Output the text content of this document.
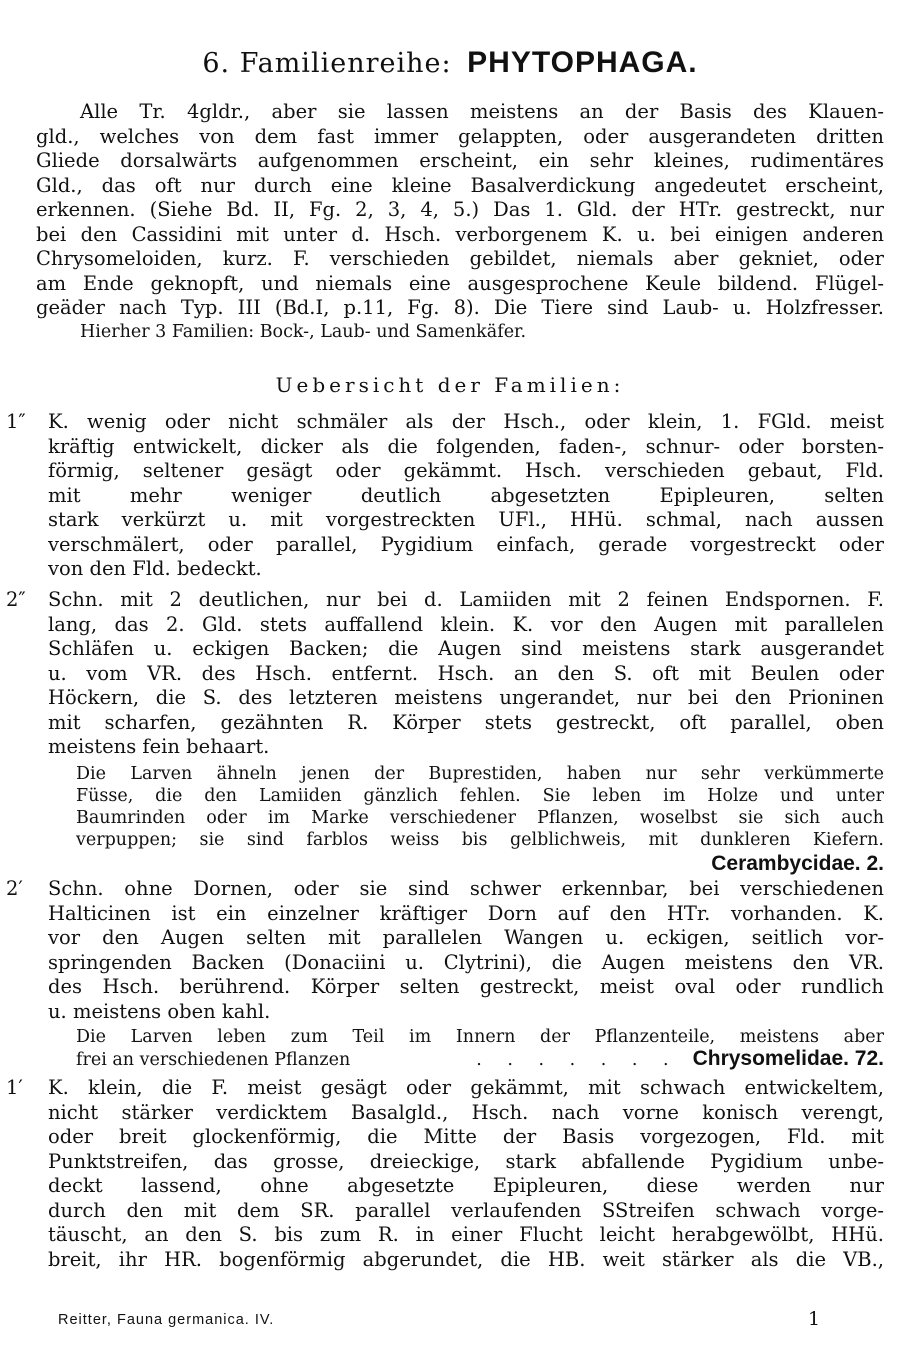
6. Familienreihe: PHYTOPHAGA.
Alle Tr. 4gldr., aber sie lassen meistens an der Basis des Klauen-
gld., welches von dem fast immer gelappten, oder ausgerandeten dritten
Gliede dorsalwärts aufgenommen erscheint, ein sehr kleines, rudimentäres
Gld., das oft nur durch eine kleine Basalverdickung angedeutet erscheint,
erkennen. (Siehe Bd. II, Fg. 2, 3, 4, 5.) Das 1. Gld. der HTr. gestreckt, nur
bei den Cassidini mit unter d. Hsch. verborgenem K. u. bei einigen anderen
Chrysomeloiden, kurz. F. verschieden gebildet, niemals aber gekniet, oder
am Ende geknopft, und niemals eine ausgesprochene Keule bildend. Flügel-
geäder nach Typ. III (Bd.I, p.11, Fg. 8). Die Tiere sind Laub- u. Holzfresser.
Hierher 3 Familien: Bock-, Laub- und Samenkäfer.
Uebersicht der Familien:
1″ K. wenig oder nicht schmäler als der Hsch., oder klein, 1. FGld. meist
kräftig entwickelt, dicker als die folgenden, faden-, schnur- oder borsten-
förmig, seltener gesägt oder gekämmt. Hsch. verschieden gebaut, Fld.
mit mehr weniger deutlich abgesetzten Epipleuren, selten
stark verkürzt u. mit vorgestreckten UFl., HHü. schmal, nach aussen
verschmälert, oder parallel, Pygidium einfach, gerade vorgestreckt oder
von den Fld. bedeckt.
2″ Schn. mit 2 deutlichen, nur bei d. Lamiiden mit 2 feinen Endspornen. F.
lang, das 2. Gld. stets auffallend klein. K. vor den Augen mit parallelen
Schläfen u. eckigen Backen; die Augen sind meistens stark ausgerandet
u. vom VR. des Hsch. entfernt. Hsch. an den S. oft mit Beulen oder
Höckern, die S. des letzteren meistens ungerandet, nur bei den Prioninen
mit scharfen, gezähnten R. Körper stets gestreckt, oft parallel, oben
meistens fein behaart.
Die Larven ähneln jenen der Buprestiden, haben nur sehr verkümmerte
Füsse, die den Lamiiden gänzlich fehlen. Sie leben im Holze und unter
Baumrinden oder im Marke verschiedener Pflanzen, woselbst sie sich auch
verpuppen; sie sind farblos weiss bis gelblichweis, mit dunkleren Kiefern.
Cerambycidae. 2.
2′ Schn. ohne Dornen, oder sie sind schwer erkennbar, bei verschiedenen
Halticinen ist ein einzelner kräftiger Dorn auf den HTr. vorhanden. K.
vor den Augen selten mit parallelen Wangen u. eckigen, seitlich vor-
springenden Backen (Donaciini u. Clytrini), die Augen meistens den VR.
des Hsch. berührend. Körper selten gestreckt, meist oval oder rundlich
u. meistens oben kahl.
Die Larven leben zum Teil im Innern der Pflanzenteile, meistens aber
frei an verschiedenen Pflanzen	. . . . . . . Chrysomelidae. 72.
1′ K. klein, die F. meist gesägt oder gekämmt, mit schwach entwickeltem,
nicht stärker verdicktem Basalgld., Hsch. nach vorne konisch verengt,
oder breit glockenförmig, die Mitte der Basis vorgezogen, Fld. mit
Punktstreifen, das grosse, dreieckige, stark abfallende Pygidium unbe-
deckt lassend, ohne abgesetzte Epipleuren, diese werden nur
durch den mit dem SR. parallel verlaufenden SStreifen schwach vorge-
täuscht, an den S. bis zum R. in einer Flucht leicht herabgewölbt, HHü.
breit, ihr HR. bogenförmig abgerundet, die HB. weit stärker als die VB.,
Reitter, Fauna germanica. IV.	1
